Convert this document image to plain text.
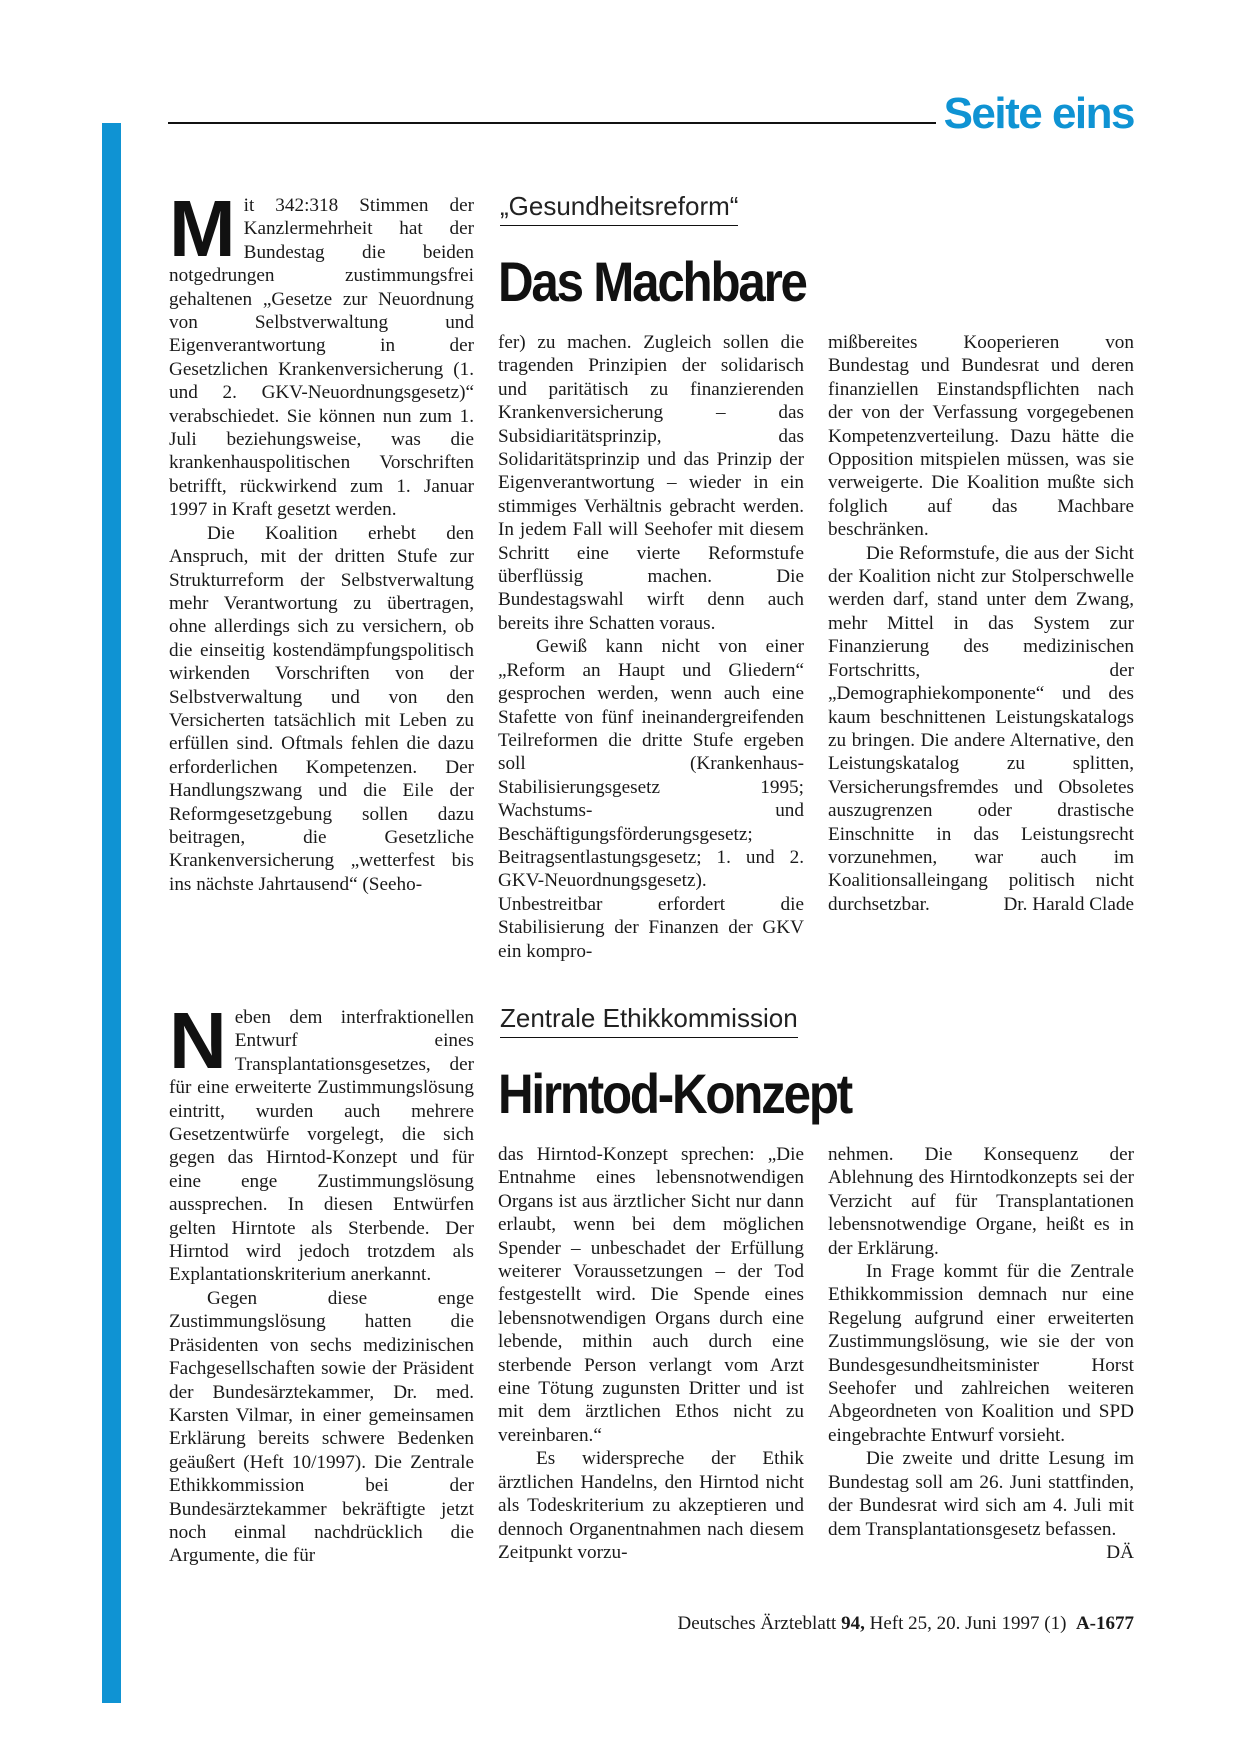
Seite eins

Mit 342:318 Stimmen der Kanzlermehrheit hat der Bundestag die beiden notgedrungen zustimmungsfrei gehaltenen „Gesetze zur Neuordnung von Selbstverwaltung und Eigenverantwortung in der Gesetzlichen Krankenversicherung (1. und 2. GKV-Neuordnungsgesetz)“ verabschiedet. Sie können nun zum 1. Juli beziehungsweise, was die krankenhauspolitischen Vorschriften betrifft, rückwirkend zum 1. Januar 1997 in Kraft gesetzt werden.

Die Koalition erhebt den Anspruch, mit der dritten Stufe zur Strukturreform der Selbstverwaltung mehr Verantwortung zu übertragen, ohne allerdings sich zu versichern, ob die einseitig kostendämpfungspolitisch wirkenden Vorschriften von der Selbstverwaltung und von den Versicherten tatsächlich mit Leben zu erfüllen sind. Oftmals fehlen die dazu erforderlichen Kompetenzen. Der Handlungszwang und die Eile der Reformgesetzgebung sollen dazu beitragen, die Gesetzliche Krankenversicherung „wetterfest bis ins nächste Jahrtausend“ (Seeho-

„Gesundheitsreform“
Das Machbare

fer) zu machen. Zugleich sollen die tragenden Prinzipien der solidarisch und paritätisch zu finanzierenden Krankenversicherung – das Subsidiaritätsprinzip, das Solidaritätsprinzip und das Prinzip der Eigenverantwortung – wieder in ein stimmiges Verhältnis gebracht werden. In jedem Fall will Seehofer mit diesem Schritt eine vierte Reformstufe überflüssig machen. Die Bundestagswahl wirft denn auch bereits ihre Schatten voraus.

Gewiß kann nicht von einer „Reform an Haupt und Gliedern“ gesprochen werden, wenn auch eine Stafette von fünf ineinandergreifenden Teilreformen die dritte Stufe ergeben soll (Krankenhaus-Stabilisierungsgesetz 1995; Wachstums- und Beschäftigungsförderungsgesetz; Beitragsentlastungsgesetz; 1. und 2. GKV-Neuordnungsgesetz). Unbestreitbar erfordert die Stabilisierung der Finanzen der GKV ein kompro-

mißbereites Kooperieren von Bundestag und Bundesrat und deren finanziellen Einstandspflichten nach der von der Verfassung vorgegebenen Kompetenzverteilung. Dazu hätte die Opposition mitspielen müssen, was sie verweigerte. Die Koalition mußte sich folglich auf das Machbare beschränken.

Die Reformstufe, die aus der Sicht der Koalition nicht zur Stolperschwelle werden darf, stand unter dem Zwang, mehr Mittel in das System zur Finanzierung des medizinischen Fortschritts, der „Demographiekomponente“ und des kaum beschnittenen Leistungskatalogs zu bringen. Die andere Alternative, den Leistungskatalog zu splitten, Versicherungsfremdes und Obsoletes auszugrenzen oder drastische Einschnitte in das Leistungsrecht vorzunehmen, war auch im Koalitionsalleingang politisch nicht durchsetzbar.	Dr. Harald Clade

Neben dem interfraktionellen Entwurf eines Transplantationsgesetzes, der für eine erweiterte Zustimmungslösung eintritt, wurden auch mehrere Gesetzentwürfe vorgelegt, die sich gegen das Hirntod-Konzept und für eine enge Zustimmungslösung aussprechen. In diesen Entwürfen gelten Hirntote als Sterbende. Der Hirntod wird jedoch trotzdem als Explantationskriterium anerkannt.

Gegen diese enge Zustimmungslösung hatten die Präsidenten von sechs medizinischen Fachgesellschaften sowie der Präsident der Bundesärztekammer, Dr. med. Karsten Vilmar, in einer gemeinsamen Erklärung bereits schwere Bedenken geäußert (Heft 10/1997). Die Zentrale Ethikkommission bei der Bundesärztekammer bekräftigte jetzt noch einmal nachdrücklich die Argumente, die für

Zentrale Ethikkommission
Hirntod-Konzept

das Hirntod-Konzept sprechen: „Die Entnahme eines lebensnotwendigen Organs ist aus ärztlicher Sicht nur dann erlaubt, wenn bei dem möglichen Spender – unbeschadet der Erfüllung weiterer Voraussetzungen – der Tod festgestellt wird. Die Spende eines lebensnotwendigen Organs durch eine lebende, mithin auch durch eine sterbende Person verlangt vom Arzt eine Tötung zugunsten Dritter und ist mit dem ärztlichen Ethos nicht zu vereinbaren.“

Es widerspreche der Ethik ärztlichen Handelns, den Hirntod nicht als Todeskriterium zu akzeptieren und dennoch Organentnahmen nach diesem Zeitpunkt vorzu-

nehmen. Die Konsequenz der Ablehnung des Hirntodkonzepts sei der Verzicht auf für Transplantationen lebensnotwendige Organe, heißt es in der Erklärung.

In Frage kommt für die Zentrale Ethikkommission demnach nur eine Regelung aufgrund einer erweiterten Zustimmungslösung, wie sie der von Bundesgesundheitsminister Horst Seehofer und zahlreichen weiteren Abgeordneten von Koalition und SPD eingebrachte Entwurf vorsieht.

Die zweite und dritte Lesung im Bundestag soll am 26. Juni stattfinden, der Bundesrat wird sich am 4. Juli mit dem Transplantationsgesetz befassen.
DÄ

Deutsches Ärzteblatt 94, Heft 25, 20. Juni 1997 (1) A-1677
